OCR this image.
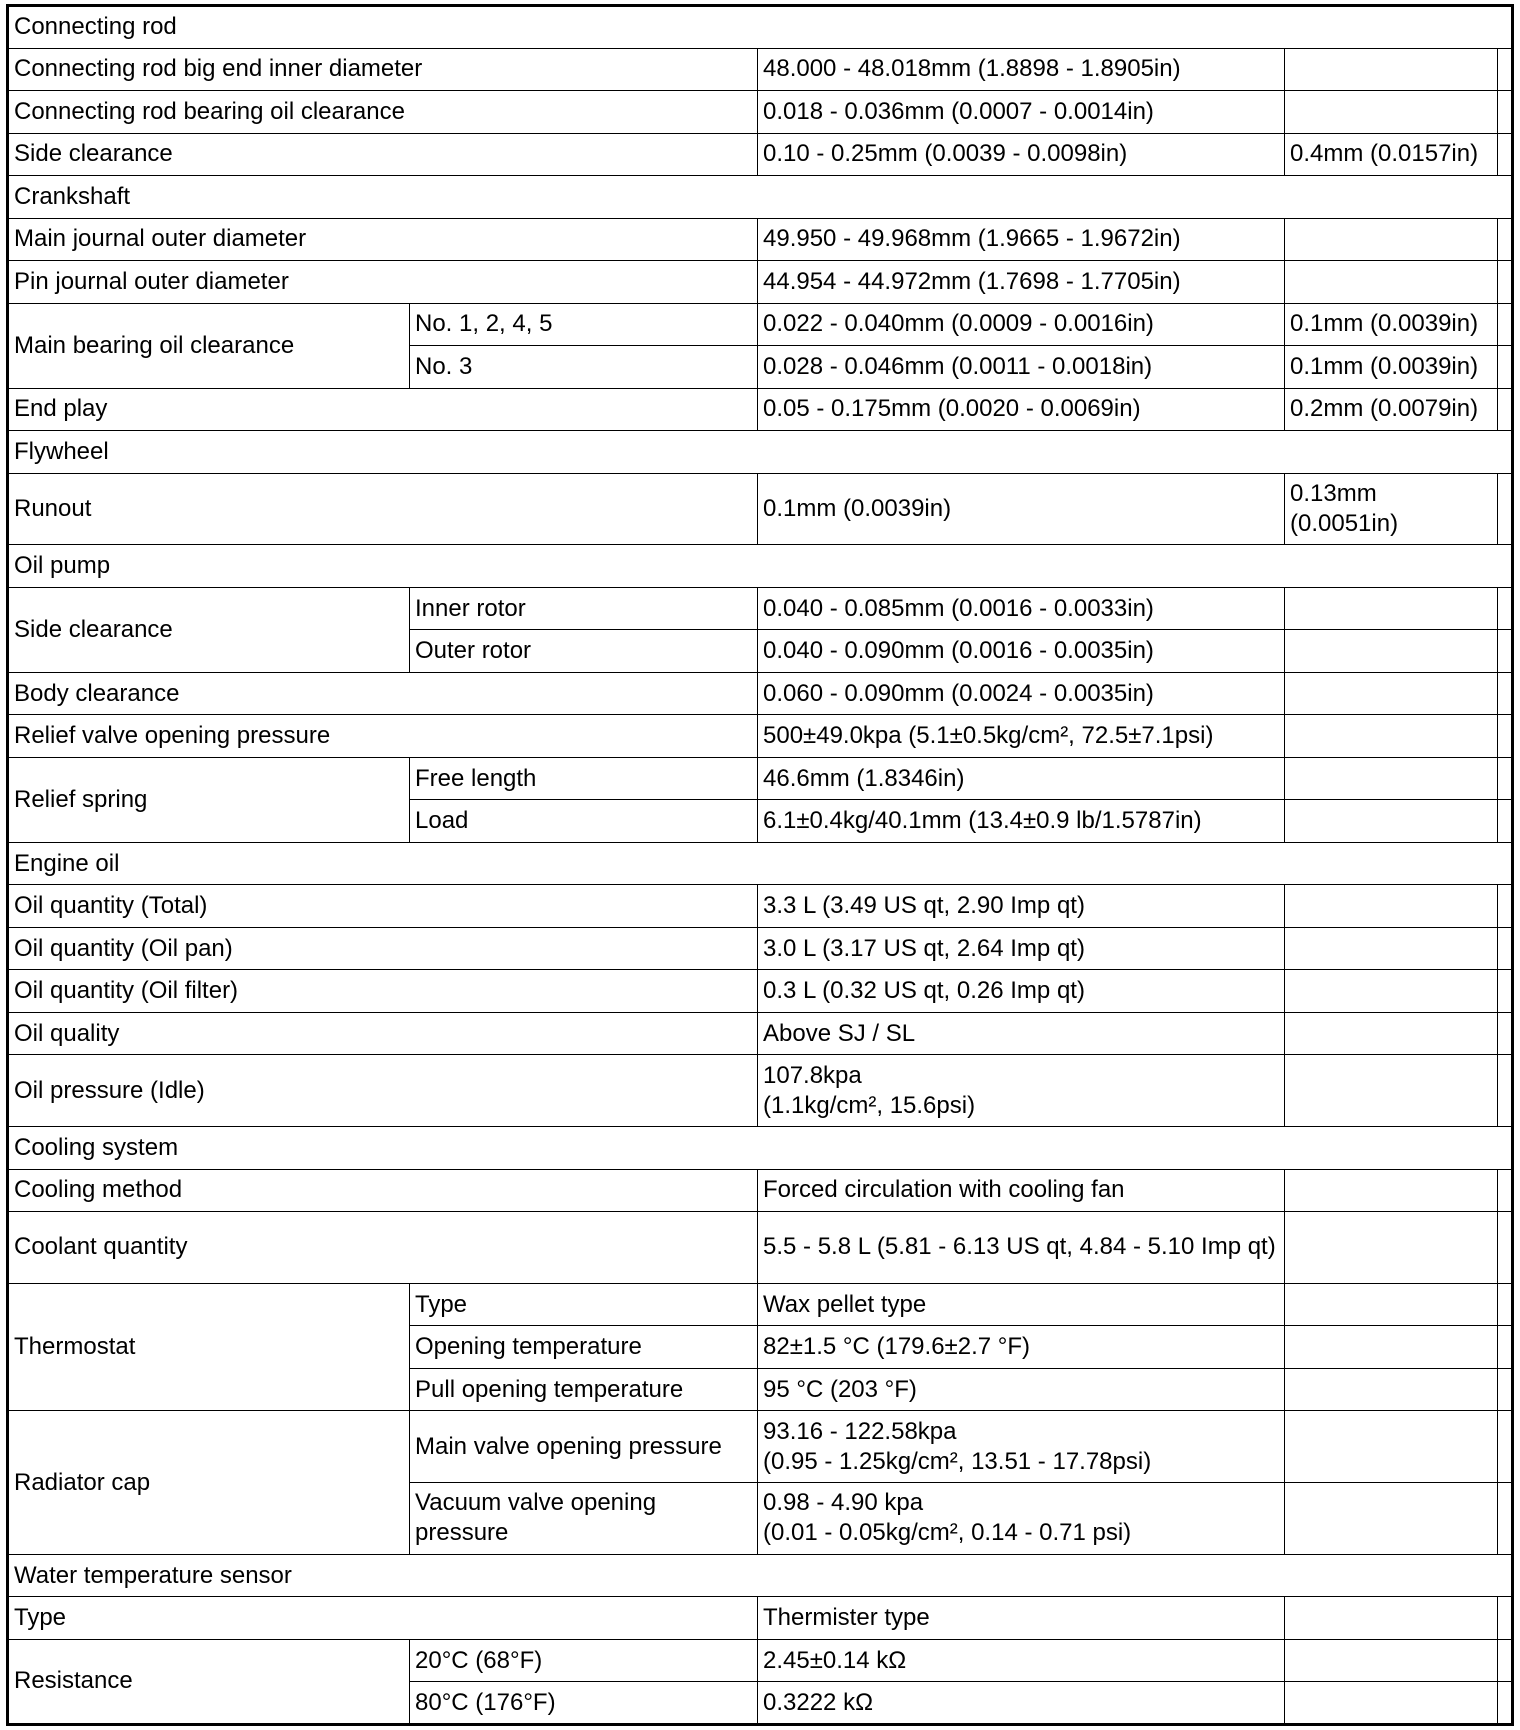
Connecting rod				
Connecting rod big end inner diameter		48.000 - 48.018mm (1.8898 - 1.8905in)		
Connecting rod bearing oil clearance		0.018 - 0.036mm (0.0007 - 0.0014in)		
Side clearance		0.10 - 0.25mm (0.0039 - 0.0098in)	0.4mm (0.0157in)	
Crankshaft				
Main journal outer diameter		49.950 - 49.968mm (1.9665 - 1.9672in)		
Pin journal outer diameter		44.954 - 44.972mm (1.7698 - 1.7705in)		
Main bearing oil clearance	No. 1, 2, 4, 5	0.022 - 0.040mm (0.0009 - 0.0016in)	0.1mm (0.0039in)	
	No. 3	0.028 - 0.046mm (0.0011 - 0.0018in)	0.1mm (0.0039in)	
End play		0.05 - 0.175mm (0.0020 - 0.0069in)	0.2mm (0.0079in)	
Flywheel				
Runout		0.1mm (0.0039in)	0.13mm
(0.0051in)	
Oil pump				
Side clearance	Inner rotor	0.040 - 0.085mm (0.0016 - 0.0033in)		
	Outer rotor	0.040 - 0.090mm (0.0016 - 0.0035in)		
Body clearance		0.060 - 0.090mm (0.0024 - 0.0035in)		
Relief valve opening pressure		500±49.0kpa (5.1±0.5kg/cm², 72.5±7.1psi)		
Relief spring	Free length	46.6mm (1.8346in)		
	Load	6.1±0.4kg/40.1mm (13.4±0.9 lb/1.5787in)		
Engine oil				
Oil quantity (Total)		3.3 L (3.49 US qt, 2.90 Imp qt)		
Oil quantity (Oil pan)		3.0 L (3.17 US qt, 2.64 Imp qt)		
Oil quantity (Oil filter)		0.3 L (0.32 US qt, 0.26 Imp qt)		
Oil quality		Above SJ / SL		
Oil pressure (Idle)		107.8kpa
(1.1kg/cm², 15.6psi)		
Cooling system				
Cooling method		Forced circulation with cooling fan		
Coolant quantity		5.5 - 5.8 L (5.81 - 6.13 US qt, 4.84 - 5.10 Imp qt)		
Thermostat	Type	Wax pellet type		
	Opening temperature	82±1.5 °C (179.6±2.7 °F)		
	Pull opening temperature	95 °C (203 °F)		
Radiator cap	Main valve opening pressure	93.16 - 122.58kpa
(0.95 - 1.25kg/cm², 13.51 - 17.78psi)		
	Vacuum valve opening pressure	0.98 - 4.90 kpa
(0.01 - 0.05kg/cm², 0.14 - 0.71 psi)		
Water temperature sensor				
Type		Thermister type		
Resistance	20°C (68°F)	2.45±0.14 kΩ		
	80°C (176°F)	0.3222 kΩ		
